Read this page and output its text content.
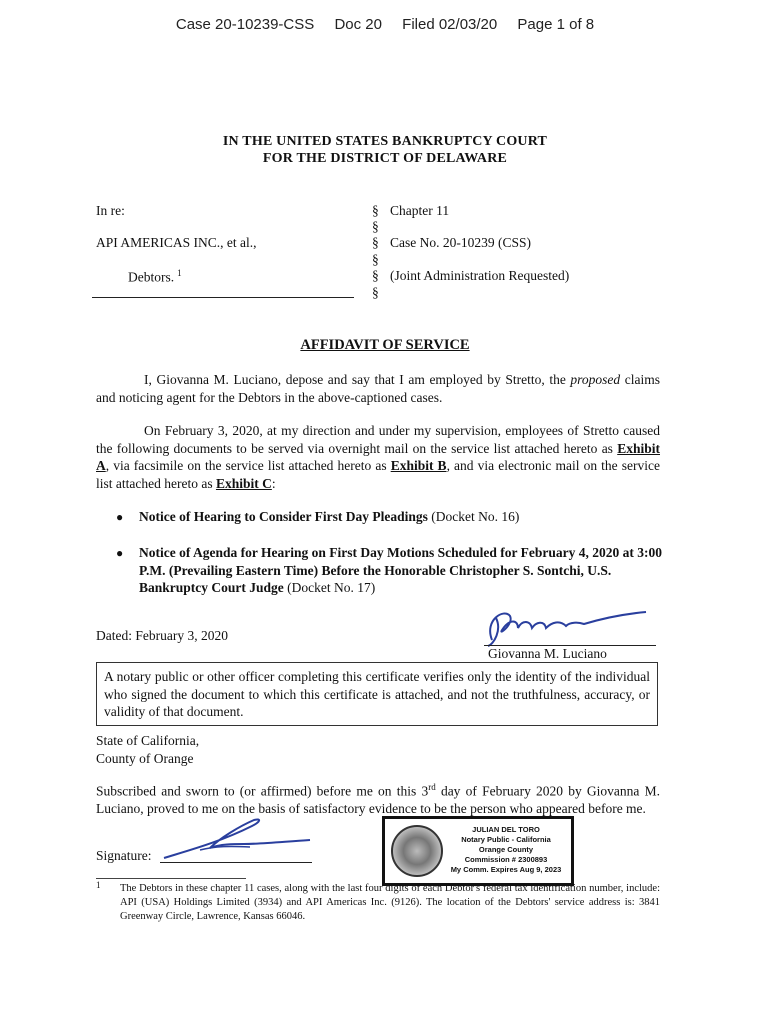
Case 20-10239-CSS Doc 20 Filed 02/03/20 Page 1 of 8
IN THE UNITED STATES BANKRUPTCY COURT
FOR THE DISTRICT OF DELAWARE
In re:
API AMERICAS INC., et al.,
Debtors. $^1$
§
§
§
§
§
§
Chapter 11
Case No. 20-10239 (CSS)
(Joint Administration Requested)
AFFIDAVIT OF SERVICE
I, Giovanna M. Luciano, depose and say that I am employed by Stretto, the proposed claims and noticing agent for the Debtors in the above-captioned cases.
On February 3, 2020, at my direction and under my supervision, employees of Stretto caused the following documents to be served via overnight mail on the service list attached hereto as Exhibit A, via facsimile on the service list attached hereto as Exhibit B, and via electronic mail on the service list attached hereto as Exhibit C:
● Notice of Hearing to Consider First Day Pleadings (Docket No. 16)
● Notice of Agenda for Hearing on First Day Motions Scheduled for February 4, 2020 at 3:00 P.M. (Prevailing Eastern Time) Before the Honorable Christopher S. Sontchi, U.S. Bankruptcy Court Judge (Docket No. 17)
Dated: February 3, 2020
Giovanna M. Luciano
A notary public or other officer completing this certificate verifies only the identity of the individual who signed the document to which this certificate is attached, and not the truthfulness, accuracy, or validity of that document.
State of California,
County of Orange
Subscribed and sworn to (or affirmed) before me on this 3rd day of February 2020 by Giovanna M. Luciano, proved to me on the basis of satisfactory evidence to be the person who appeared before me.
Signature:
JULIAN DEL TORO
Notary Public - California
Orange County
Commission # 2300893
My Comm. Expires Aug 9, 2023
1 The Debtors in these chapter 11 cases, along with the last four digits of each Debtor's federal tax identification number, include: API (USA) Holdings Limited (3934) and API Americas Inc. (9126). The location of the Debtors' service address is: 3841 Greenway Circle, Lawrence, Kansas 66046.
